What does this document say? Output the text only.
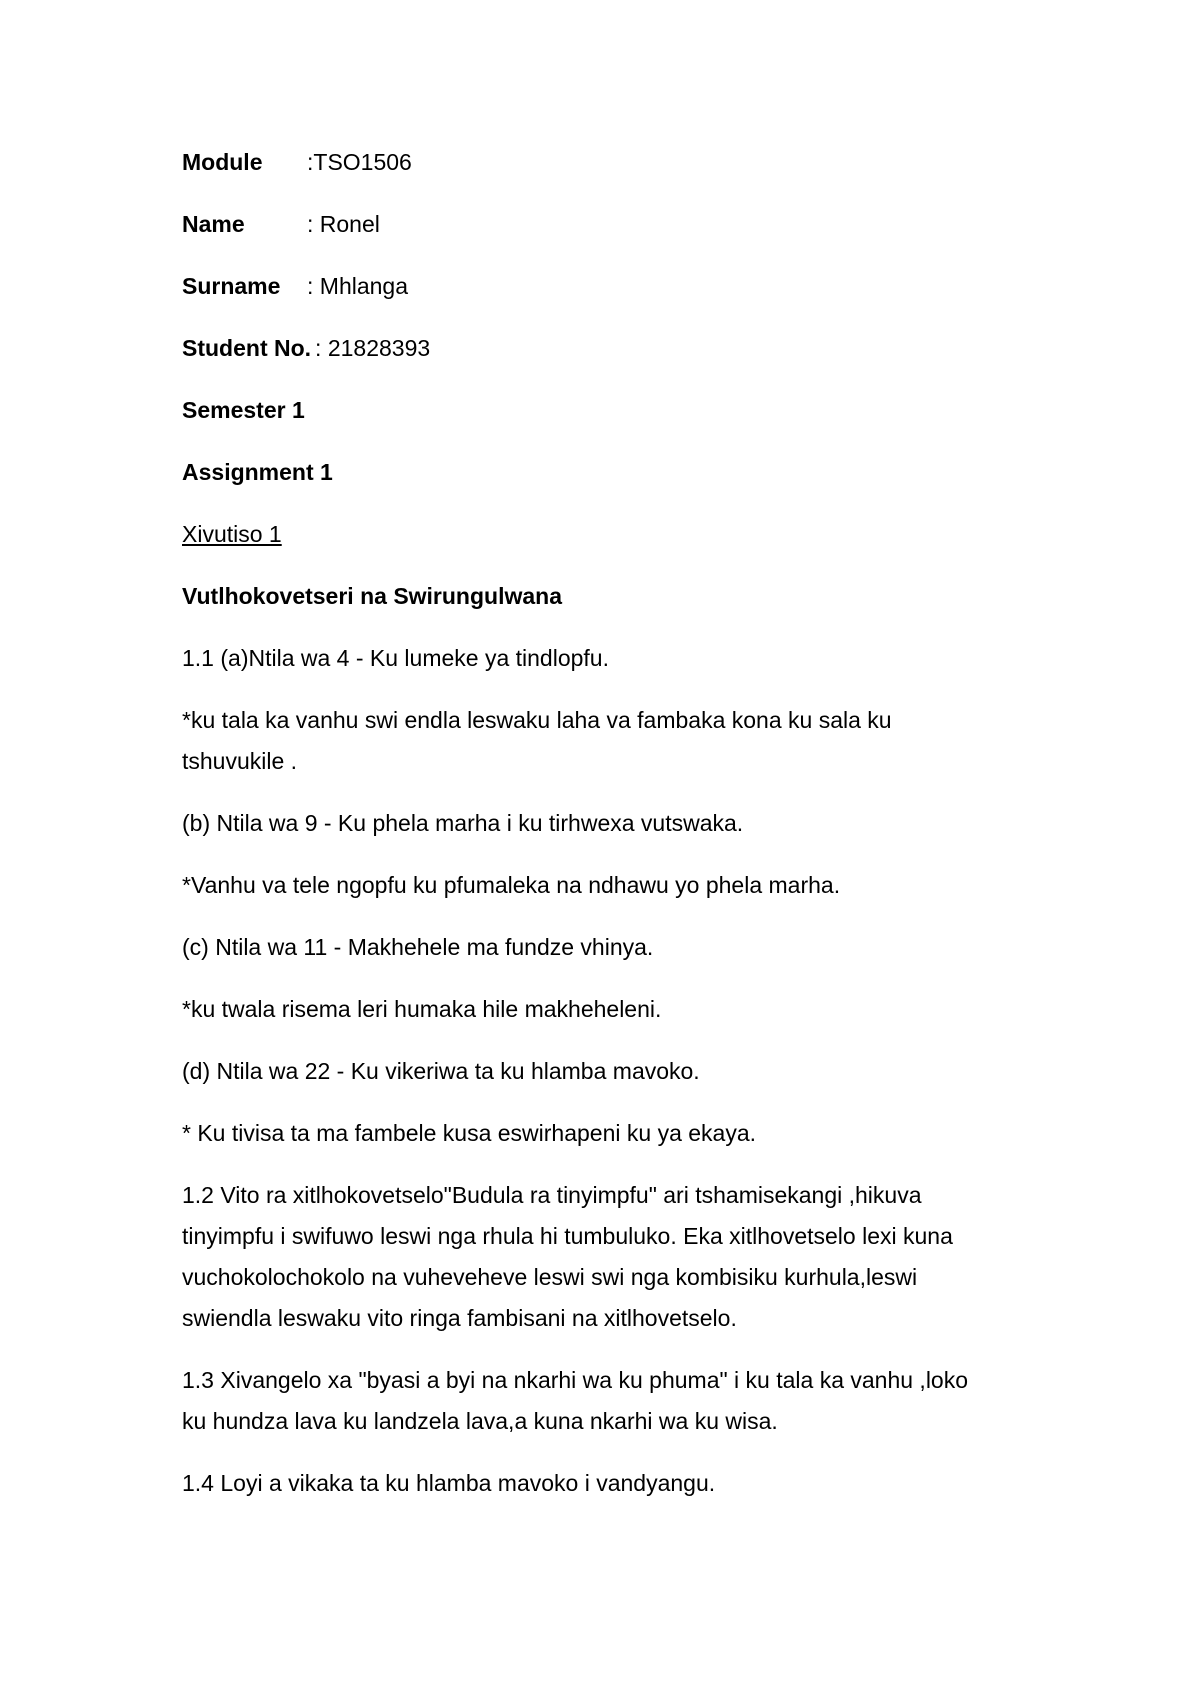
Module :TSO1506
Name	: Ronel
Surname : Mhlanga
Student No. : 21828393
Semester 1
Assignment 1
Xivutiso 1
Vutlhokovetseri na Swirungulwana
1.1 (a)Ntila wa 4 - Ku lumeke ya tindlopfu.
*ku tala ka vanhu swi endla leswaku laha va fambaka kona ku sala ku
tshuvukile .
(b) Ntila wa 9 - Ku phela marha i ku tirhwexa vutswaka.
*Vanhu va tele ngopfu ku pfumaleka na ndhawu yo phela marha.
(c) Ntila wa 11 - Makhehele ma fundze vhinya.
*ku twala risema leri humaka hile makheheleni.
(d) Ntila wa 22 - Ku vikeriwa ta ku hlamba mavoko.
* Ku tivisa ta ma fambele kusa eswirhapeni ku ya ekaya.
1.2 Vito ra xitlhokovetselo"Budula ra tinyimpfu" ari tshamisekangi ,hikuva
tinyimpfu i swifuwo leswi nga rhula hi tumbuluko. Eka xitlhovetselo lexi kuna
vuchokolochokolo na vuheveheve leswi swi nga kombisiku kurhula,leswi
swiendla leswaku vito ringa fambisani na xitlhovetselo.
1.3 Xivangelo xa "byasi a byi na nkarhi wa ku phuma" i ku tala ka vanhu ,loko
ku hundza lava ku landzela lava,a kuna nkarhi wa ku wisa.
1.4 Loyi a vikaka ta ku hlamba mavoko i vandyangu.
